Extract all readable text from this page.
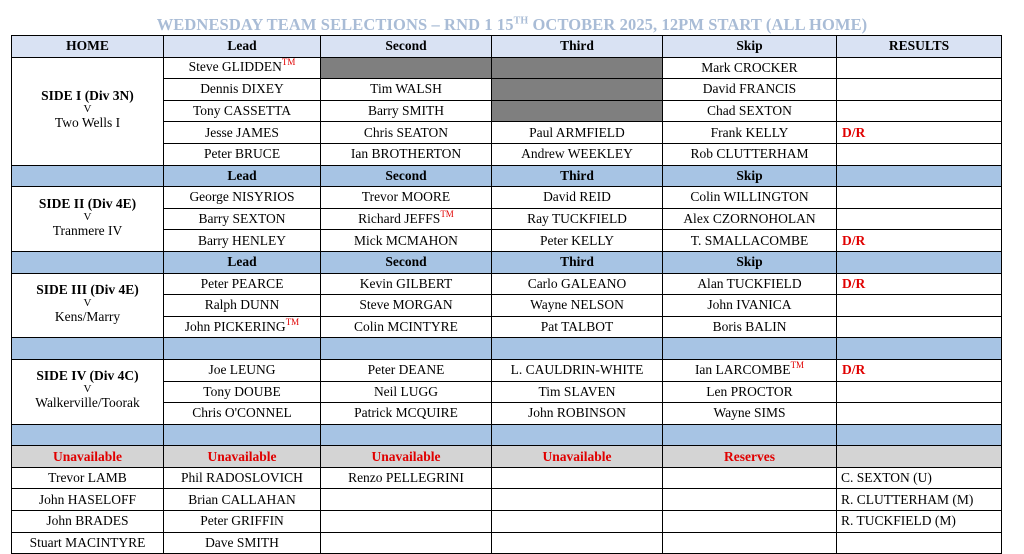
WEDNESDAY TEAM SELECTIONS – RND 1 15TH OCTOBER 2025, 12PM START (ALL HOME)
HOME	Lead	Second	Third	Skip	RESULTS

SIDE I (Div 3N)
V
Two Wells I	Steve GLIDDEN™			Mark CROCKER	
	Dennis DIXEY	Tim WALSH		David FRANCIS	
	Tony CASSETTA	Barry SMITH		Chad SEXTON	
	Jesse JAMES	Chris SEATON	Paul ARMFIELD	Frank KELLY	D/R
	Peter BRUCE	Ian BROTHERTON	Andrew WEEKLEY	Rob CLUTTERHAM	
	Lead	Second	Third	Skip	

SIDE II (Div 4E)
V
Tranmere IV	George NISYRIOS	Trevor MOORE	David REID	Colin WILLINGTON	
	Barry SEXTON	Richard JEFFS™	Ray TUCKFIELD	Alex CZORNOHOLAN	
	Barry HENLEY	Mick MCMAHON	Peter KELLY	T. SMALLACOMBE	D/R
	Lead	Second	Third	Skip	

SIDE III (Div 4E)
V
Kens/Marry	Peter PEARCE	Kevin GILBERT	Carlo GALEANO	Alan TUCKFIELD	D/R
	Ralph DUNN	Steve MORGAN	Wayne NELSON	John IVANICA	
	John PICKERING™	Colin MCINTYRE	Pat TALBOT	Boris BALIN	

SIDE IV (Div 4C)
V
Walkerville/Toorak	Joe LEUNG	Peter DEANE	L. CAULDRIN-WHITE	Ian LARCOMBE™	D/R
	Tony DOUBE	Neil LUGG	Tim SLAVEN	Len PROCTOR	
	Chris O'CONNEL	Patrick MCQUIRE	John ROBINSON	Wayne SIMS	

Unavailable	Unavailable	Unavailable	Unavailable	Reserves	
Trevor LAMB	Phil RADOSLOVICH	Renzo PELLEGRINI			C. SEXTON (U)
John HASELOFF	Brian CALLAHAN				R. CLUTTERHAM (M)
John BRADES	Peter GRIFFIN				R. TUCKFIELD (M)
Stuart MACINTYRE	Dave SMITH				
